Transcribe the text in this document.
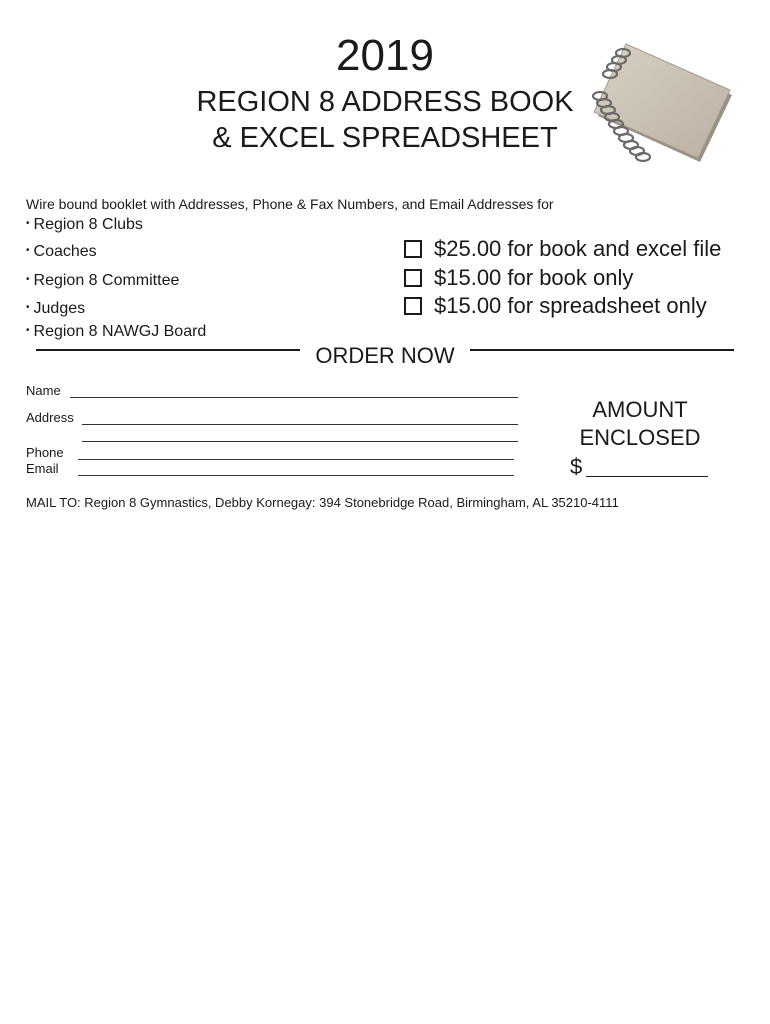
2019
REGION 8 ADDRESS BOOK
& EXCEL SPREADSHEET
Wire bound booklet with Addresses, Phone & Fax Numbers, and Email Addresses for
• Region 8 Clubs
• Coaches
• Region 8 Committee
• Judges
• Region 8 NAWGJ Board
$25.00 for book and excel file
$15.00 for book only
$15.00 for spreadsheet only
ORDER NOW
Name
Address
Phone
Email
AMOUNT
ENCLOSED
$
MAIL TO: Region 8 Gymnastics, Debby Kornegay: 394 Stonebridge Road, Birmingham, AL 35210-4111
